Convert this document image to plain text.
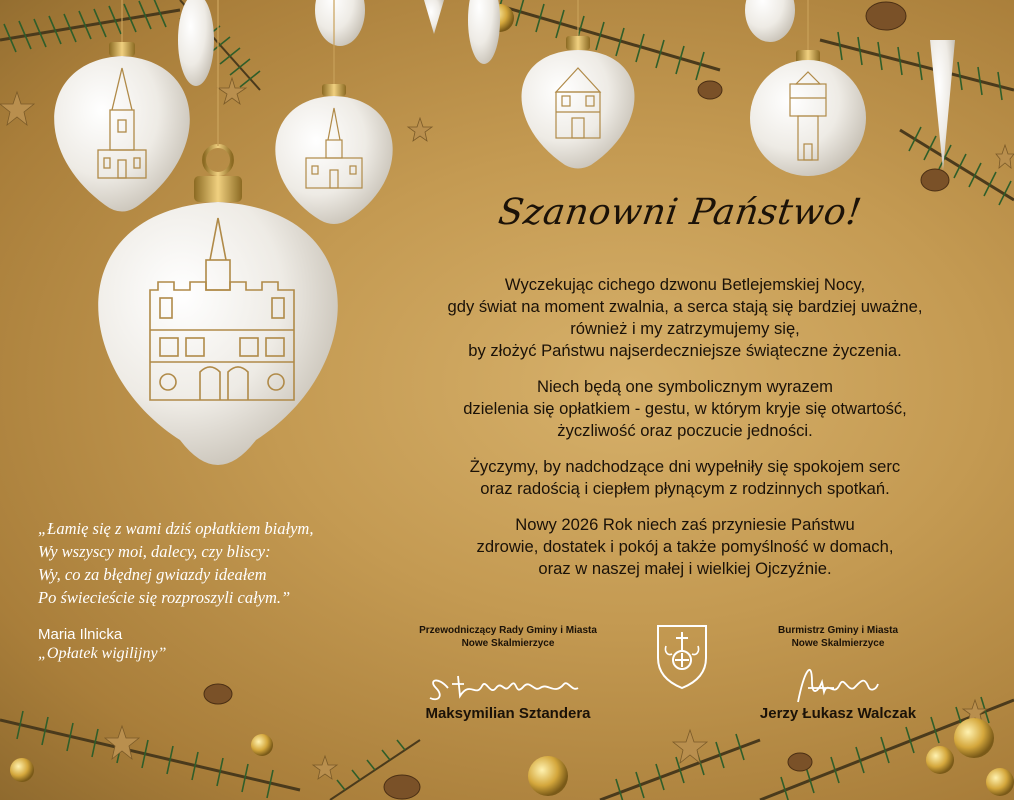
Szanowni Państwo!

Wyczekując cichego dzwonu Betlejemskiej Nocy,
gdy świat na moment zwalnia, a serca stają się bardziej uważne,
również i my zatrzymujemy się,
by złożyć Państwu najserdeczniejsze świąteczne życzenia.

Niech będą one symbolicznym wyrazem
dzielenia się opłatkiem - gestu, w którym kryje się otwartość,
życzliwość oraz poczucie jedności.

Życzymy, by nadchodzące dni wypełniły się spokojem serc
oraz radością i ciepłem płynącym z rodzinnych spotkań.

Nowy 2026 Rok niech zaś przyniesie Państwu
zdrowie, dostatek i pokój a także pomyślność w domach,
oraz w naszej małej i wielkiej Ojczyźnie.

„Łamię się z wami dziś opłatkiem białym,
Wy wszyscy moi, dalecy, czy bliscy:
Wy, co za błędnej gwiazdy ideałem
Po świecieście się rozproszyli całym.”
Maria Ilnicka
„Opłatek wigilijny”
Przewodniczący Rady Gminy i Miasta
Nowe Skalmierzyce
Maksymilian Sztandera
Burmistrz Gminy i Miasta
Nowe Skalmierzyce
Jerzy Łukasz Walczak
